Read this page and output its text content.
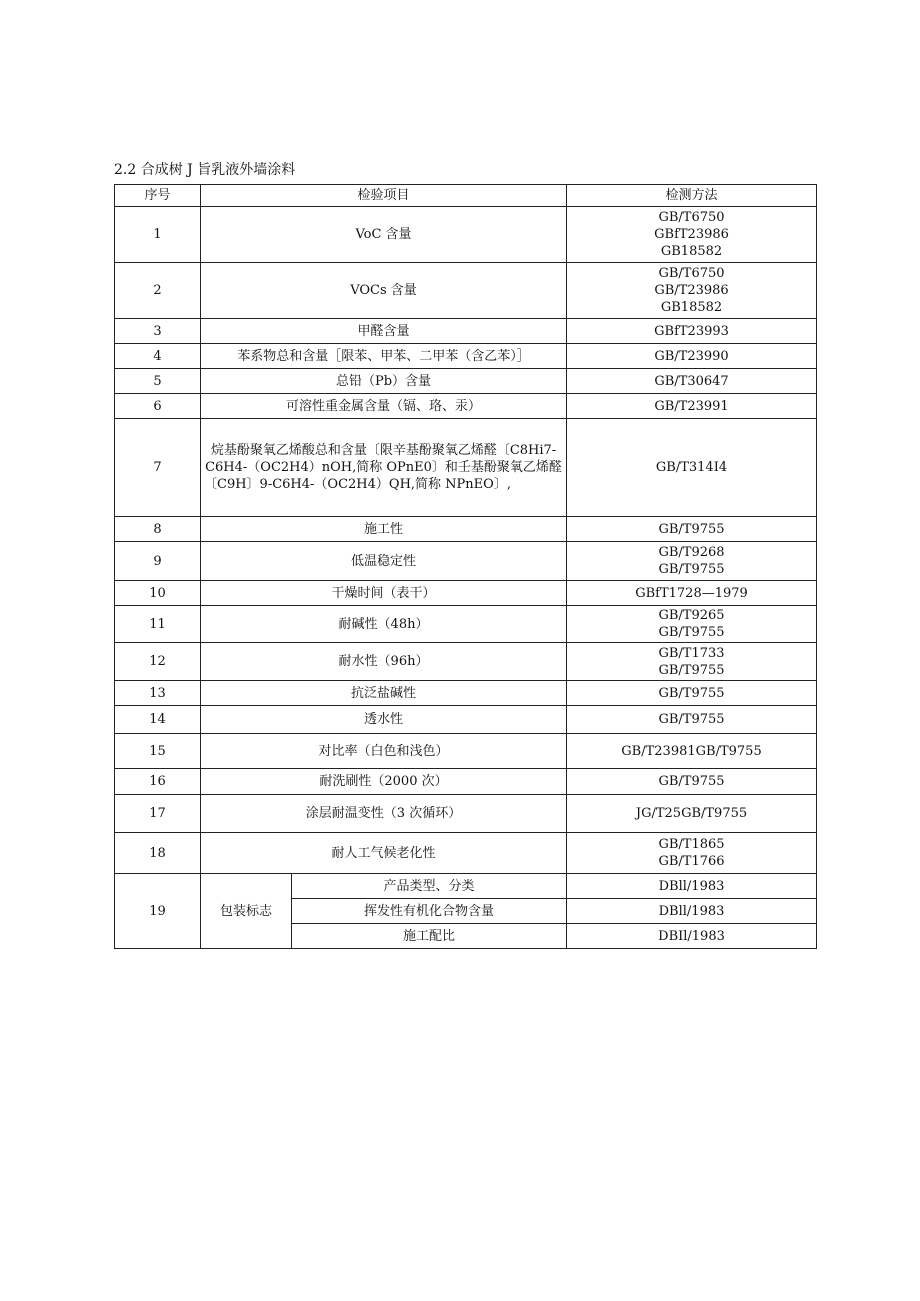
2.2 合成树 J 旨乳液外墙涂料
序号	检验项目		检测方法
1	VoC 含量		GB/T6750
GBfT23986
GB18582

2	VOCs 含量		GB/T6750
GB/T23986
GB18582

3	甲醛含量		GBfT23993
4	苯系物总和含量［限苯、甲苯、二甲苯（含乙苯）］		GB/T23990
5	总铅（Pb）含量		GB/T30647
6	可溶性重金属含量（镉、珞、汞）		GB/T23991
7	烷基酚聚氧乙烯酸总和含量〔限辛基酚聚氧乙烯醛〔C8Hi7-C6H4-（OC2H4）nOH,简称 OPnE0〕和壬基酚聚氧乙烯醛〔C9H〕9-C6H4-（OC2H4）QH,简称 NPnEO〕,		GB/T314I4
8	施工性		GB/T9755
9	低温稳定性		GB/T9268
GB/T9755

10	干燥时间（表干）		GBfT1728—1979
11	耐碱性（48h）		GB/T9265
GB/T9755

12	耐水性（96h）		GB/T1733
GB/T9755

13	抗泛盐碱性		GB/T9755
14	透水性		GB/T9755
15	对比率（白色和浅色）		GB/T23981GB/T9755
16	耐洗刷性（2000 次）		GB/T9755
17	涂层耐温变性（3 次循环）		JG/T25GB/T9755
18	耐人工气候老化性		GB/T1865
GB/T1766

19	包装标志	产品类型、分类	DBll/1983
		挥发性有机化合物含量	DBll/1983
		施工配比	DBIl/1983
